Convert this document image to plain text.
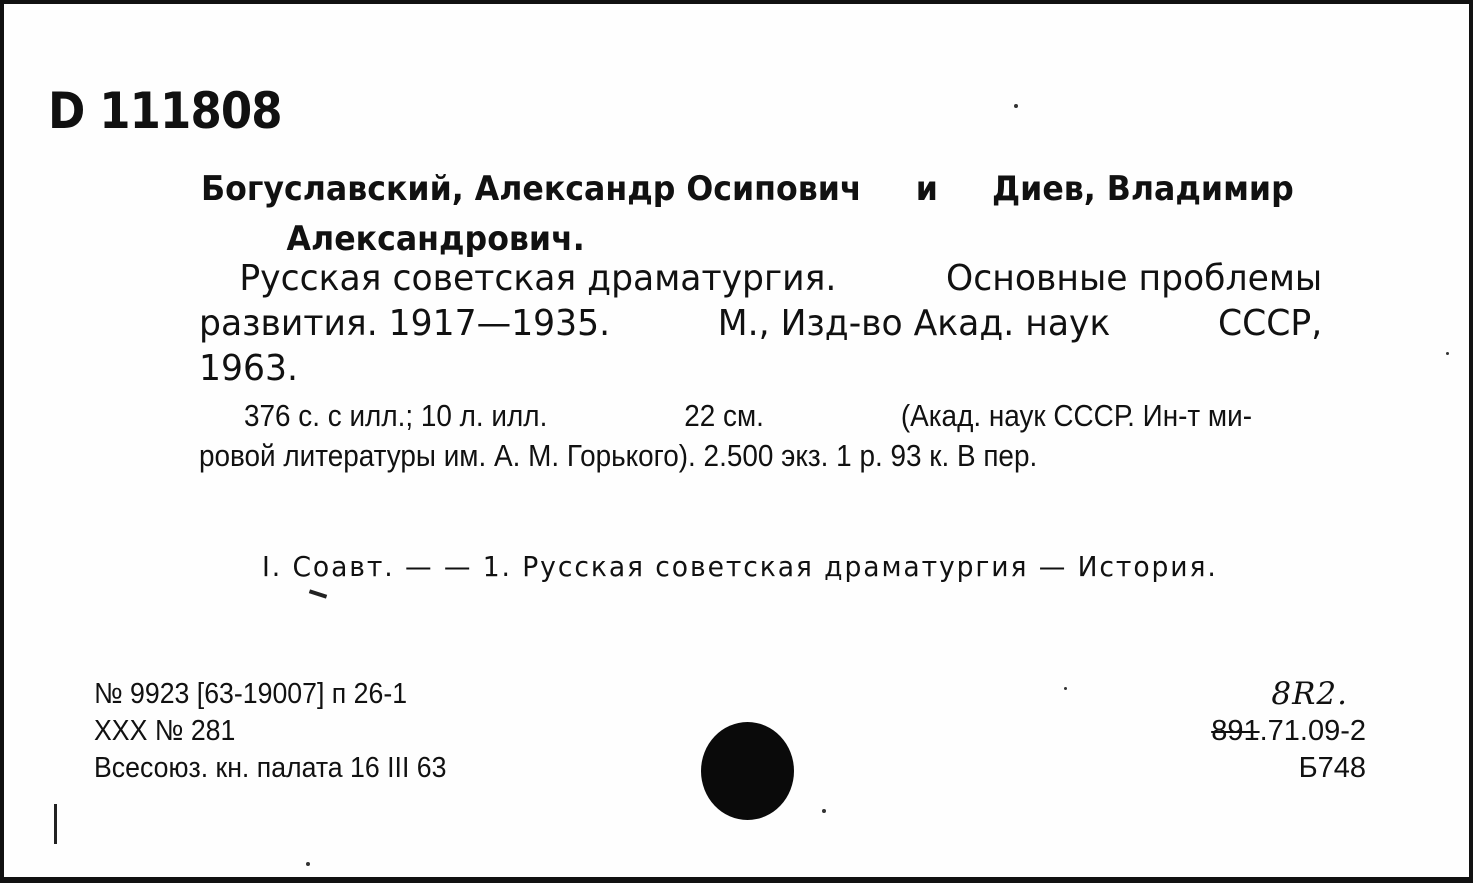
D 111808
Богуславский, Александр Осипович и Диев, Владимир
Александрович.
Русская советская драматургия.	Основные проблемы
развития. 1917—1935.	М., Изд-во Акад. наук	СССР,
1963.
376 с. с илл.; 10 л. илл.	22 см.	(Акад. наук СССР. Ин-т ми-
ровой литературы им. А. М. Горького). 2.500 экз. 1 р. 93 к. В пер.
I. Соавт. — — 1. Русская советская драматургия — История.
№ 9923 [63-19007] п 26-1
XXX № 281
Всесоюз. кн. палата 16 III 63
8R2.
891.71.09-2
Б748
